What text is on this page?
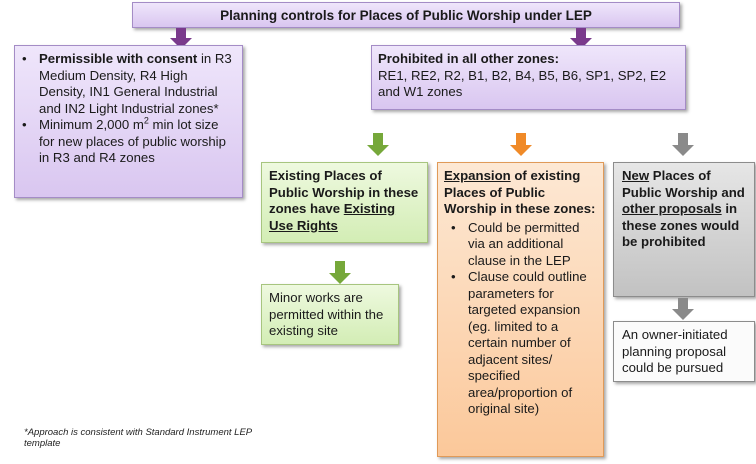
Planning controls for Places of Public Worship under LEP
• Permissible with consent in R3 Medium Density, R4 High Density, IN1 General Industrial and IN2 Light Industrial zones*
• Minimum 2,000 $m^2$ min lot size for new places of public worship in R3 and R4 zones
Prohibited in all other zones:
RE1, RE2, R2, B1, B2, B4, B5, B6, SP1, SP2, E2 and W1 zones
Existing Places of Public Worship in these zones have Existing Use Rights
Minor works are permitted within the existing site
Expansion of existing Places of Public Worship in these zones:
• Could be permitted via an additional clause in the LEP
• Clause could outline parameters for targeted expansion (eg. limited to a certain number of adjacent sites/ specified area/proportion of original site)
New Places of Public Worship and other proposals in these zones would be prohibited
An owner-initiated planning proposal could be pursued
*Approach is consistent with Standard Instrument LEP template
